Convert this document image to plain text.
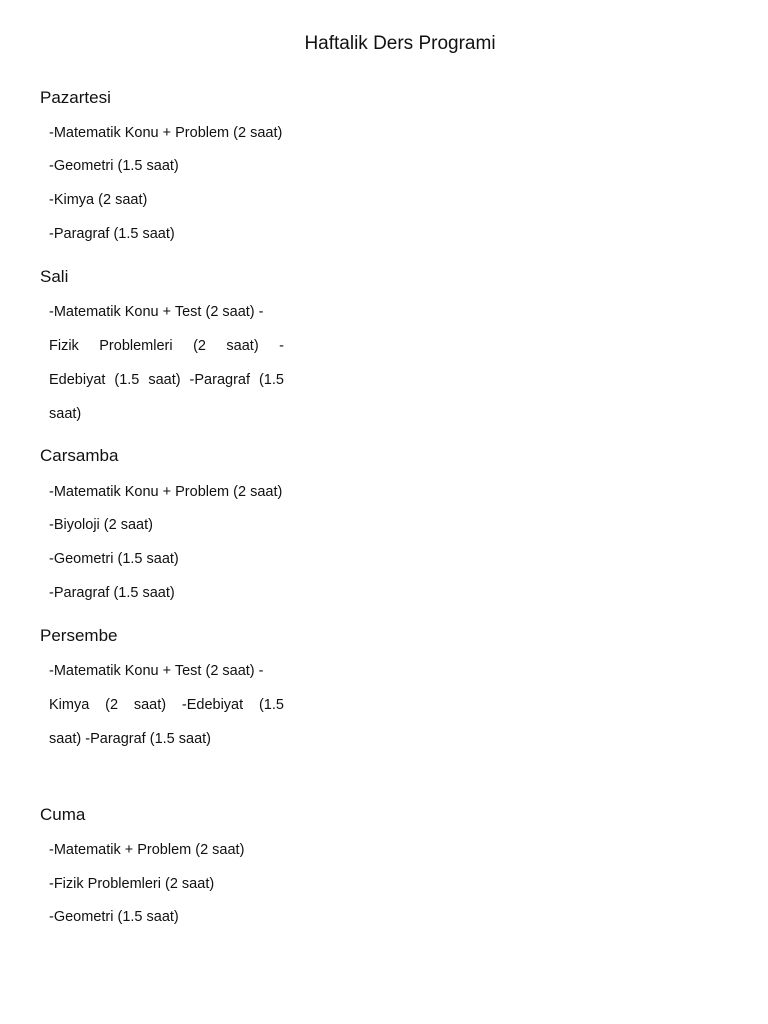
Haftalik Ders Programi
Pazartesi
-Matematik Konu + Problem (2 saat)
-Geometri (1.5 saat)
-Kimya (2 saat)
-Paragraf (1.5 saat)
Sali
-Matematik Konu + Test (2 saat) -
Fizik Problemleri (2 saat) -
Edebiyat (1.5 saat) -Paragraf (1.5
saat)
Carsamba
-Matematik Konu + Problem (2 saat)
-Biyoloji (2 saat)
-Geometri (1.5 saat)
-Paragraf (1.5 saat)
Persembe
-Matematik Konu + Test (2 saat) -
Kimya (2 saat) -Edebiyat (1.5
saat) -Paragraf (1.5 saat)
Cuma
-Matematik + Problem (2 saat)
-Fizik Problemleri (2 saat)
-Geometri (1.5 saat)
